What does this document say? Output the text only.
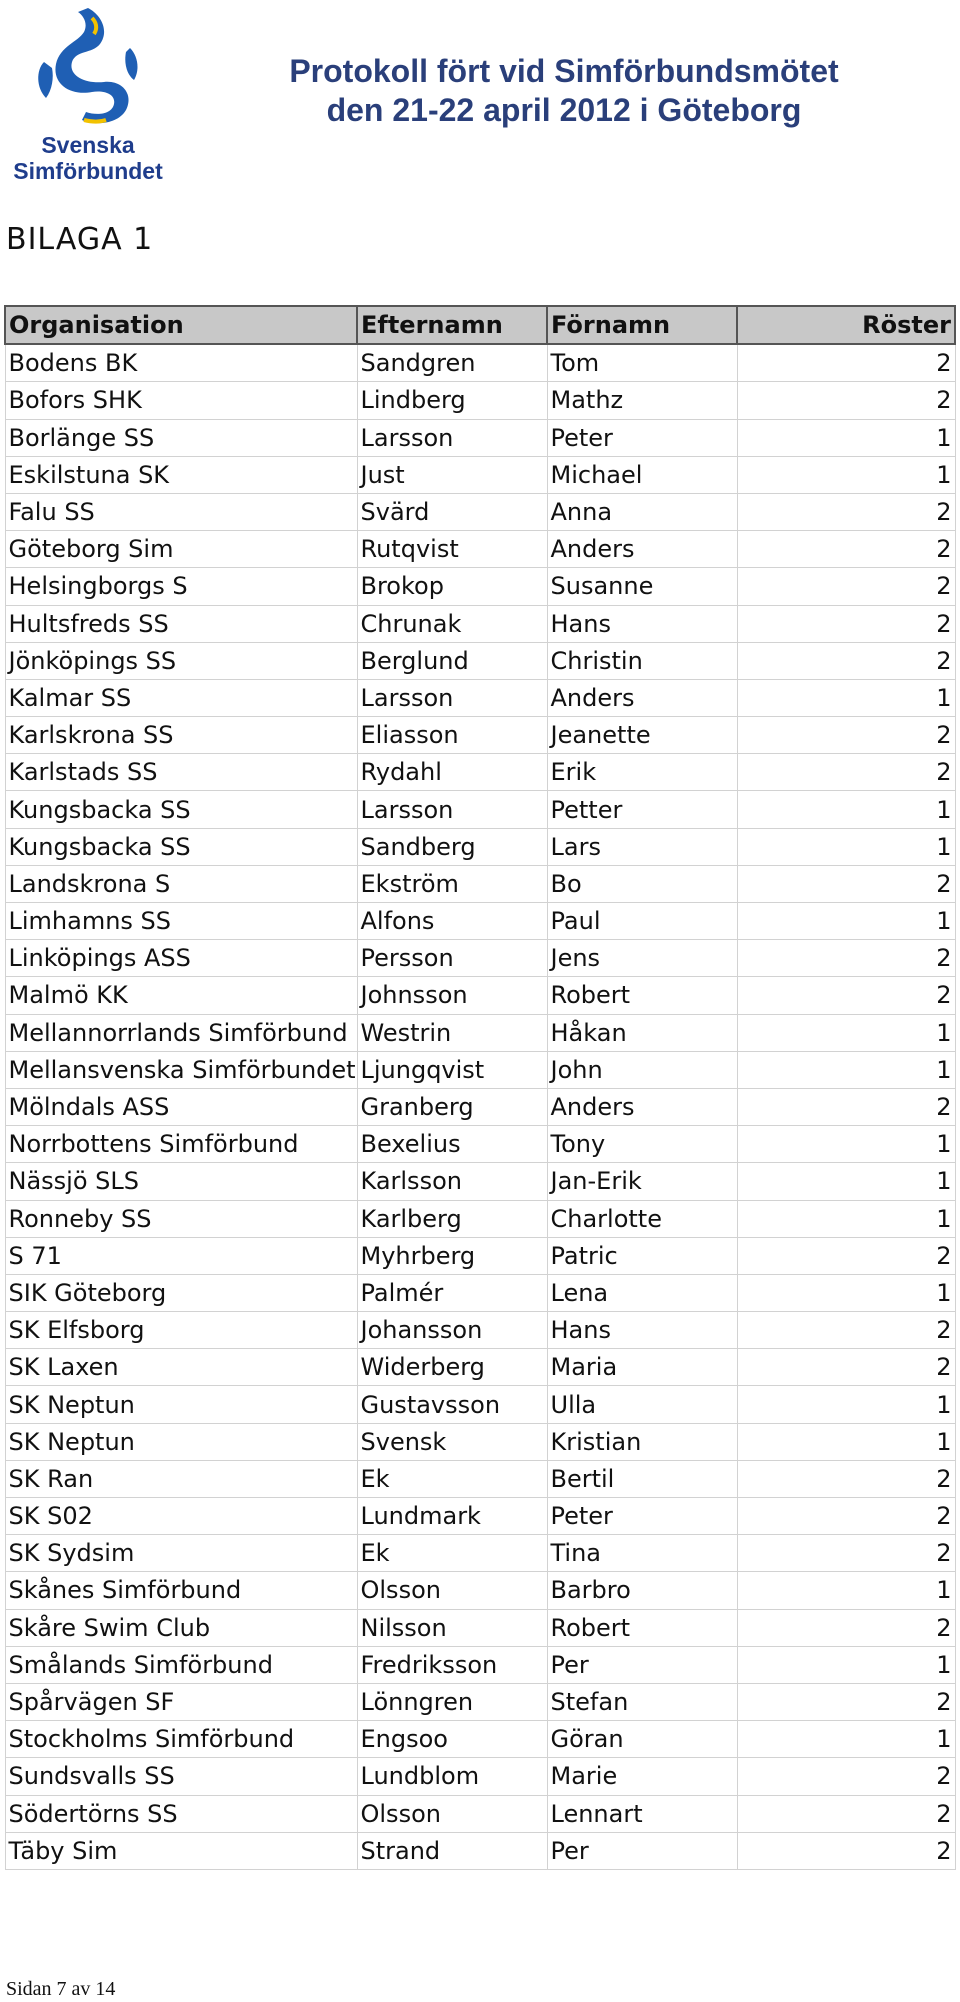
Svenska
Simförbundet
Protokoll fört vid Simförbundsmötet
den 21-22 april 2012 i Göteborg
BILAGA 1
Organisation	Efternamn	Förnamn	Röster
Bodens BK	Sandgren	Tom	2
Bofors SHK	Lindberg	Mathz	2
Borlänge SS	Larsson	Peter	1
Eskilstuna SK	Just	Michael	1
Falu SS	Svärd	Anna	2
Göteborg Sim	Rutqvist	Anders	2
Helsingborgs S	Brokop	Susanne	2
Hultsfreds SS	Chrunak	Hans	2
Jönköpings SS	Berglund	Christin	2
Kalmar SS	Larsson	Anders	1
Karlskrona SS	Eliasson	Jeanette	2
Karlstads SS	Rydahl	Erik	2
Kungsbacka SS	Larsson	Petter	1
Kungsbacka SS	Sandberg	Lars	1
Landskrona S	Ekström	Bo	2
Limhamns SS	Alfons	Paul	1
Linköpings ASS	Persson	Jens	2
Malmö KK	Johnsson	Robert	2
Mellannorrlands Simförbund	Westrin	Håkan	1
Mellansvenska Simförbundet	Ljungqvist	John	1
Mölndals ASS	Granberg	Anders	2
Norrbottens Simförbund	Bexelius	Tony	1
Nässjö SLS	Karlsson	Jan-Erik	1
Ronneby SS	Karlberg	Charlotte	1
S 71	Myhrberg	Patric	2
SIK Göteborg	Palmér	Lena	1
SK Elfsborg	Johansson	Hans	2
SK Laxen	Widerberg	Maria	2
SK Neptun	Gustavsson	Ulla	1
SK Neptun	Svensk	Kristian	1
SK Ran	Ek	Bertil	2
SK S02	Lundmark	Peter	2
SK Sydsim	Ek	Tina	2
Skånes Simförbund	Olsson	Barbro	1
Skåre Swim Club	Nilsson	Robert	2
Smålands Simförbund	Fredriksson	Per	1
Spårvägen SF	Lönngren	Stefan	2
Stockholms Simförbund	Engsoo	Göran	1
Sundsvalls SS	Lundblom	Marie	2
Södertörns SS	Olsson	Lennart	2
Täby Sim	Strand	Per	2
Sidan 7 av 14
